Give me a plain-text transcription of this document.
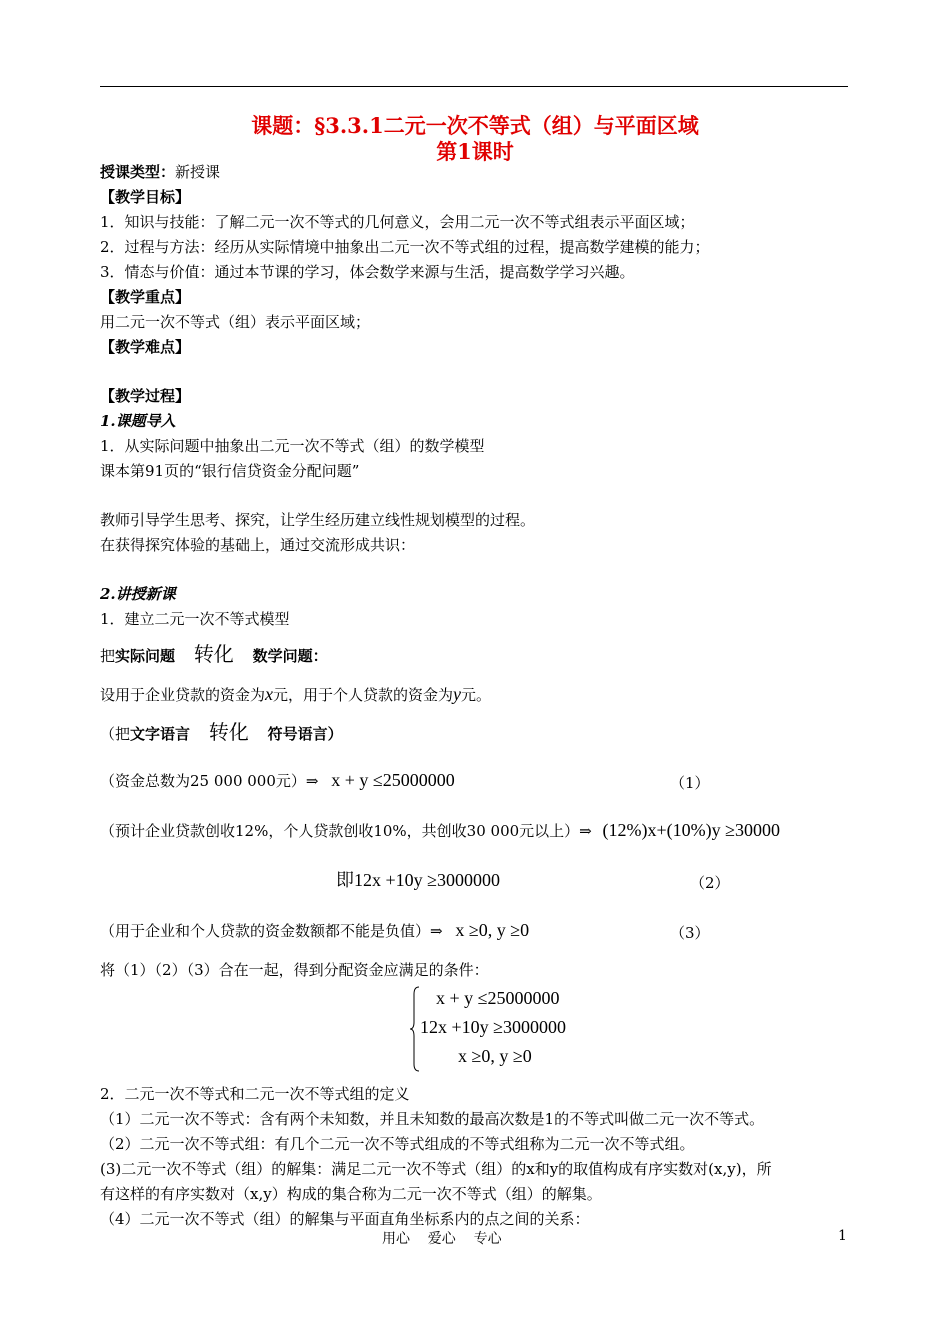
课题：§3.3.1二元一次不等式（组）与平面区域
第1课时
授课类型：新授课
【教学目标】
1．知识与技能：了解二元一次不等式的几何意义，会用二元一次不等式组表示平面区域；
2．过程与方法：经历从实际情境中抽象出二元一次不等式组的过程，提高数学建模的能力；
3．情态与价值：通过本节课的学习，体会数学来源与生活，提高数学学习兴趣。
【教学重点】
用二元一次不等式（组）表示平面区域；
【教学难点】
【教学过程】
1.课题导入
1．从实际问题中抽象出二元一次不等式（组）的数学模型
课本第91页的“银行信贷资金分配问题”
教师引导学生思考、探究，让学生经历建立线性规划模型的过程。
在获得探究体验的基础上，通过交流形成共识：
2.讲授新课
1．建立二元一次不等式模型
把实际问题 转化 数学问题：
设用于企业贷款的资金为x元，用于个人贷款的资金为y元。
（把文字语言 转化 符号语言）
（资金总数为25 000 000元）⇒ x + y ≤25000000	（1）
（预计企业贷款创收12%，个人贷款创收10%，共创收30 000元以上）⇒ (12%)x+(10%)y ≥30000
即12x +10y ≥3000000	（2）
（用于企业和个人贷款的资金数额都不能是负值）⇒ x ≥0, y ≥0	（3）
将（1）（2）（3）合在一起，得到分配资金应满足的条件：
x + y ≤25000000
12x +10y ≥3000000
x ≥0, y ≥0
2．二元一次不等式和二元一次不等式组的定义
（1）二元一次不等式：含有两个未知数，并且未知数的最高次数是1的不等式叫做二元一次不等式。
（2）二元一次不等式组：有几个二元一次不等式组成的不等式组称为二元一次不等式组。
(3)二元一次不等式（组）的解集：满足二元一次不等式（组）的x和y的取值构成有序实数对(x,y)，所
有这样的有序实数对（x,y）构成的集合称为二元一次不等式（组）的解集。
（4）二元一次不等式（组）的解集与平面直角坐标系内的点之间的关系：
用心    爱心    专心	1
